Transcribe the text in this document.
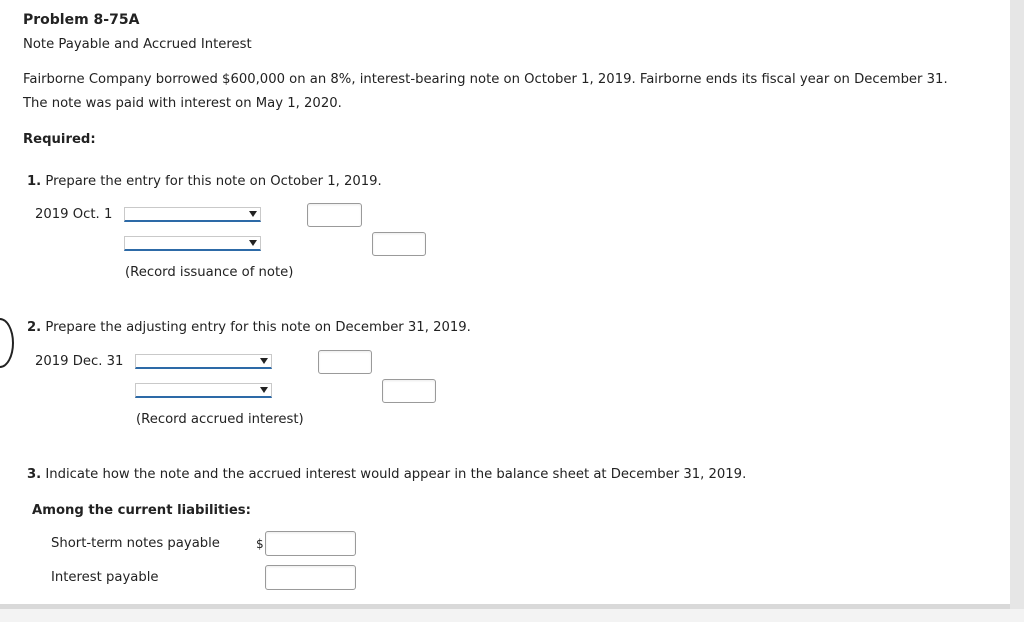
Problem 8-75A
Note Payable and Accrued Interest
Fairborne Company borrowed $600,000 on an 8%, interest-bearing note on October 1, 2019. Fairborne ends its fiscal year on December 31.
The note was paid with interest on May 1, 2020.
Required:
1. Prepare the entry for this note on October 1, 2019.
2019 Oct. 1
(Record issuance of note)
2. Prepare the adjusting entry for this note on December 31, 2019.
2019 Dec. 31
(Record accrued interest)
3. Indicate how the note and the accrued interest would appear in the balance sheet at December 31, 2019.
Among the current liabilities:
Short-term notes payable	$
Interest payable
